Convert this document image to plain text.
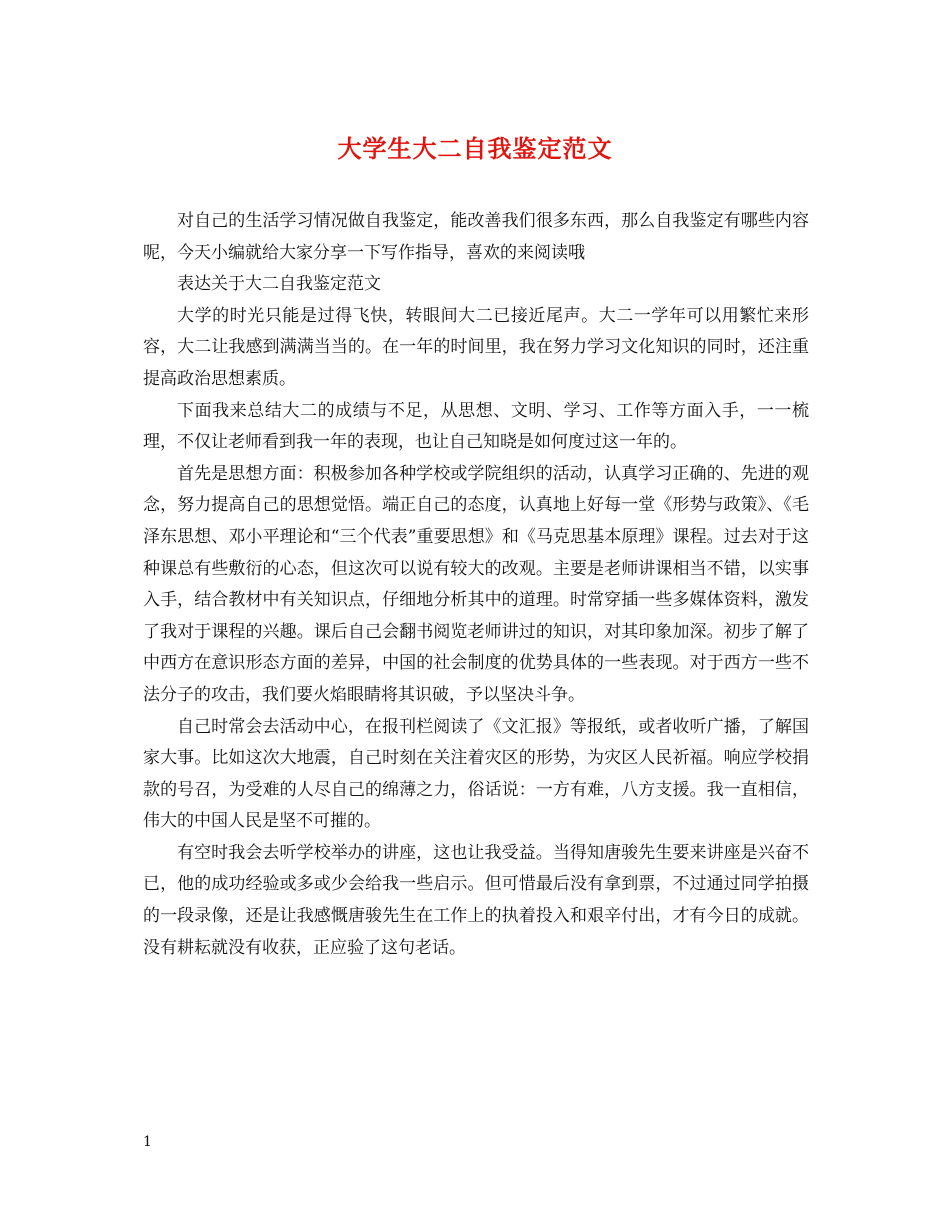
大学生大二自我鉴定范文

对自己的生活学习情况做自我鉴定，能改善我们很多东西，那么自我鉴定有哪些内容呢，今天小编就给大家分享一下写作指导，喜欢的来阅读哦

表达关于大二自我鉴定范文

大学的时光只能是过得飞快，转眼间大二已接近尾声。大二一学年可以用繁忙来形容，大二让我感到满满当当的。在一年的时间里，我在努力学习文化知识的同时，还注重提高政治思想素质。

下面我来总结大二的成绩与不足，从思想、文明、学习、工作等方面入手，一一梳理，不仅让老师看到我一年的表现，也让自己知晓是如何度过这一年的。

首先是思想方面：积极参加各种学校或学院组织的活动，认真学习正确的、先进的观念，努力提高自己的思想觉悟。端正自己的态度，认真地上好每一堂《形势与政策》、《毛泽东思想、邓小平理论和“三个代表”重要思想》和《马克思基本原理》课程。过去对于这种课总有些敷衍的心态，但这次可以说有较大的改观。主要是老师讲课相当不错，以实事入手，结合教材中有关知识点，仔细地分析其中的道理。时常穿插一些多媒体资料，激发了我对于课程的兴趣。课后自己会翻书阅览老师讲过的知识，对其印象加深。初步了解了中西方在意识形态方面的差异，中国的社会制度的优势具体的一些表现。对于西方一些不法分子的攻击，我们要火焰眼睛将其识破，予以坚决斗争。

自己时常会去活动中心，在报刊栏阅读了《文汇报》等报纸，或者收听广播，了解国家大事。比如这次大地震，自己时刻在关注着灾区的形势，为灾区人民祈福。响应学校捐款的号召，为受难的人尽自己的绵薄之力，俗话说：一方有难，八方支援。我一直相信，伟大的中国人民是坚不可摧的。

有空时我会去听学校举办的讲座，这也让我受益。当得知唐骏先生要来讲座是兴奋不已，他的成功经验或多或少会给我一些启示。但可惜最后没有拿到票，不过通过同学拍摄的一段录像，还是让我感慨唐骏先生在工作上的执着投入和艰辛付出，才有今日的成就。没有耕耘就没有收获，正应验了这句老话。

1
